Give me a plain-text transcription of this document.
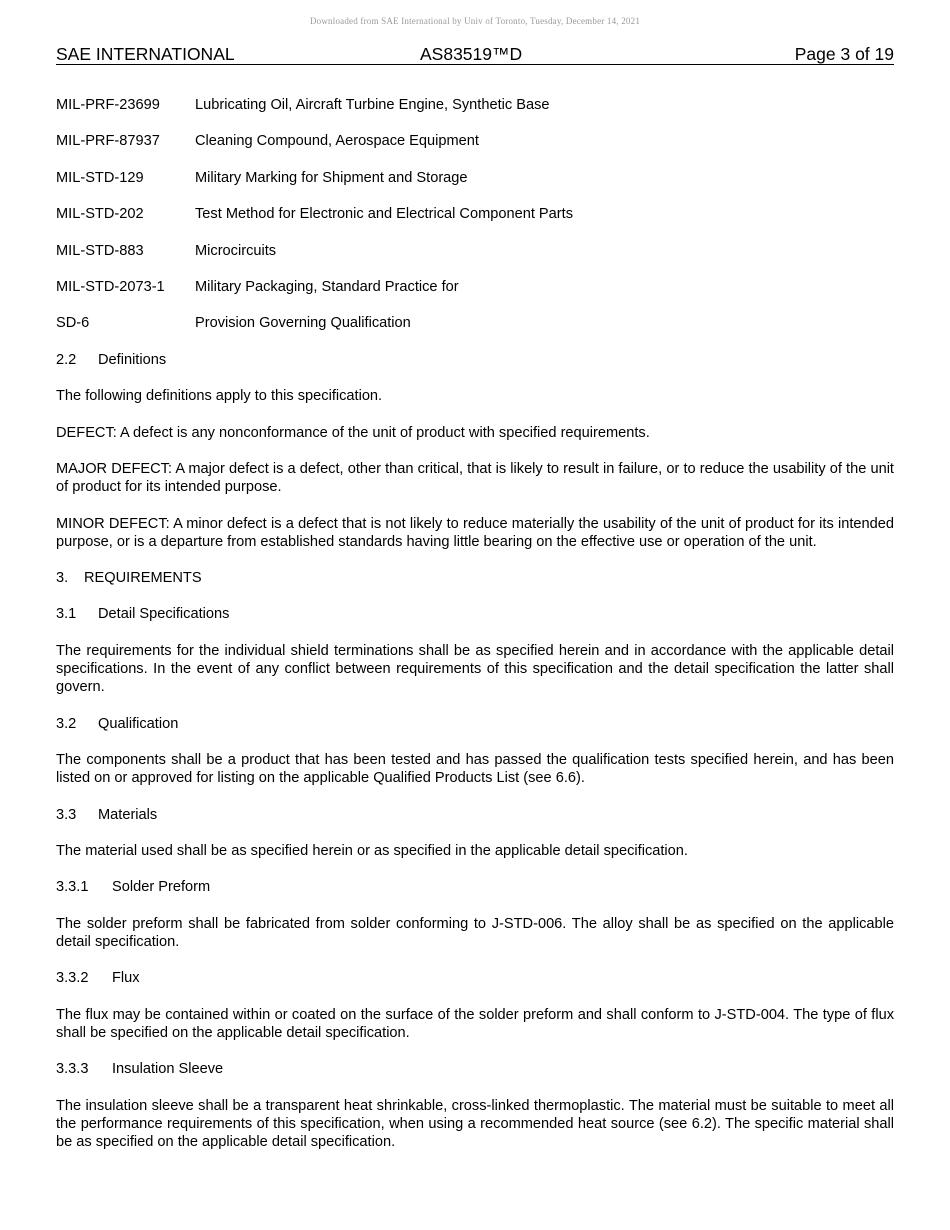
Downloaded from SAE International by Univ of Toronto, Tuesday, December 14, 2021
SAE INTERNATIONAL	AS83519™D	Page 3 of 19
MIL-PRF-23699 Lubricating Oil, Aircraft Turbine Engine, Synthetic Base
MIL-PRF-87937 Cleaning Compound, Aerospace Equipment
MIL-STD-129	Military Marking for Shipment and Storage
MIL-STD-202	Test Method for Electronic and Electrical Component Parts
MIL-STD-883	Microcircuits
MIL-STD-2073-1 Military Packaging, Standard Practice for
SD-6	Provision Governing Qualification
2.2 Definitions

The following definitions apply to this specification.

DEFECT: A defect is any nonconformance of the unit of product with specified requirements.

MAJOR DEFECT: A major defect is a defect, other than critical, that is likely to result in failure, or to reduce the usability of the unit of product for its intended purpose.

MINOR DEFECT: A minor defect is a defect that is not likely to reduce materially the usability of the unit of product for its intended purpose, or is a departure from established standards having little bearing on the effective use or operation of the unit.

3. REQUIREMENTS
3.1 Detail Specifications

The requirements for the individual shield terminations shall be as specified herein and in accordance with the applicable detail specifications. In the event of any conflict between requirements of this specification and the detail specification the latter shall govern.

3.2 Qualification

The components shall be a product that has been tested and has passed the qualification tests specified herein, and has been listed on or approved for listing on the applicable Qualified Products List (see 6.6).

3.3 Materials

The material used shall be as specified herein or as specified in the applicable detail specification.

3.3.1 Solder Preform

The solder preform shall be fabricated from solder conforming to J-STD-006. The alloy shall be as specified on the applicable detail specification.

3.3.2 Flux

The flux may be contained within or coated on the surface of the solder preform and shall conform to J-STD-004. The type of flux shall be specified on the applicable detail specification.

3.3.3 Insulation Sleeve

The insulation sleeve shall be a transparent heat shrinkable, cross-linked thermoplastic. The material must be suitable to meet all the performance requirements of this specification, when using a recommended heat source (see 6.2). The specific material shall be as specified on the applicable detail specification.
